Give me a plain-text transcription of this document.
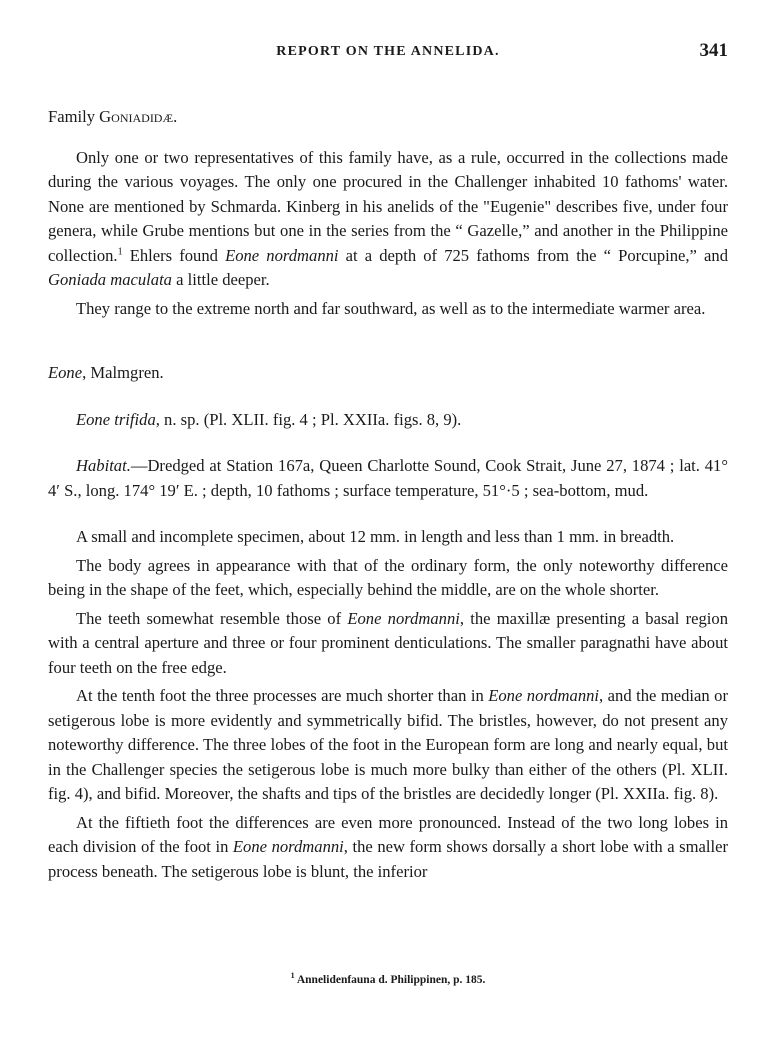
REPORT ON THE ANNELIDA.	341

Family Goniadidæ.

Only one or two representatives of this family have, as a rule, occurred in the collections made during the various voyages. The only one procured in the Challenger inhabited 10 fathoms' water. None are mentioned by Schmarda. Kinberg in his anelids of the "Eugenie" describes five, under four genera, while Grube mentions but one in the series from the “ Gazelle,” and another in the Philippine collection.$^1$ Ehlers found Eone nordmanni at a depth of 725 fathoms from the “ Porcupine,” and Goniada maculata a little deeper.

They range to the extreme north and far southward, as well as to the intermediate warmer area.

Eone, Malmgren.

Eone trifida, n. sp. (Pl. XLII. fig. 4 ; Pl. XXIIa. figs. 8, 9).

Habitat.—Dredged at Station 167a, Queen Charlotte Sound, Cook Strait, June 27, 1874 ; lat. 41° 4′ S., long. 174° 19′ E. ; depth, 10 fathoms ; surface temperature, 51°·5 ; sea-bottom, mud.

A small and incomplete specimen, about 12 mm. in length and less than 1 mm. in breadth.

The body agrees in appearance with that of the ordinary form, the only noteworthy difference being in the shape of the feet, which, especially behind the middle, are on the whole shorter.

The teeth somewhat resemble those of Eone nordmanni, the maxillæ presenting a basal region with a central aperture and three or four prominent denticulations. The smaller paragnathi have about four teeth on the free edge.

At the tenth foot the three processes are much shorter than in Eone nordmanni, and the median or setigerous lobe is more evidently and symmetrically bifid. The bristles, however, do not present any noteworthy difference. The three lobes of the foot in the European form are long and nearly equal, but in the Challenger species the setigerous lobe is much more bulky than either of the others (Pl. XLII. fig. 4), and bifid. Moreover, the shafts and tips of the bristles are decidedly longer (Pl. XXIIa. fig. 8).

At the fiftieth foot the differences are even more pronounced. Instead of the two long lobes in each division of the foot in Eone nordmanni, the new form shows dorsally a short lobe with a smaller process beneath. The setigerous lobe is blunt, the inferior

$^1$ Annelidenfauna d. Philippinen, p. 185.
